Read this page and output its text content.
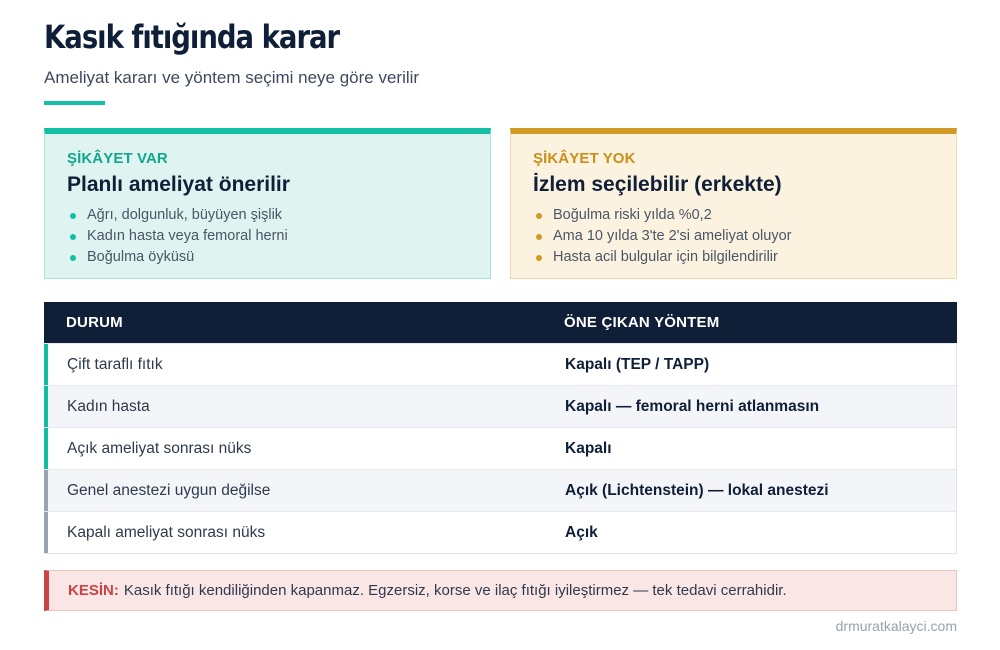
Kasık fıtığında karar
Ameliyat kararı ve yöntem seçimi neye göre verilir
ŞİKÂYET VAR
Planlı ameliyat önerilir
Ağrı, dolgunluk, büyüyen şişlik
Kadın hasta veya femoral herni
Boğulma öyküsü
ŞİKÂYET YOK
İzlem seçilebilir (erkekte)
Boğulma riski yılda %0,2
Ama 10 yılda 3'te 2'si ameliyat oluyor
Hasta acil bulgular için bilgilendirilir
DURUM	ÖNE ÇIKAN YÖNTEM
Çift taraflı fıtık	Kapalı (TEP / TAPP)
Kadın hasta	Kapalı — femoral herni atlanmasın
Açık ameliyat sonrası nüks	Kapalı
Genel anestezi uygun değilse	Açık (Lichtenstein) — lokal anestezi
Kapalı ameliyat sonrası nüks	Açık
KESİN: Kasık fıtığı kendiliğinden kapanmaz. Egzersiz, korse ve ilaç fıtığı iyileştirmez — tek tedavi cerrahidir.
drmuratkalayci.com
